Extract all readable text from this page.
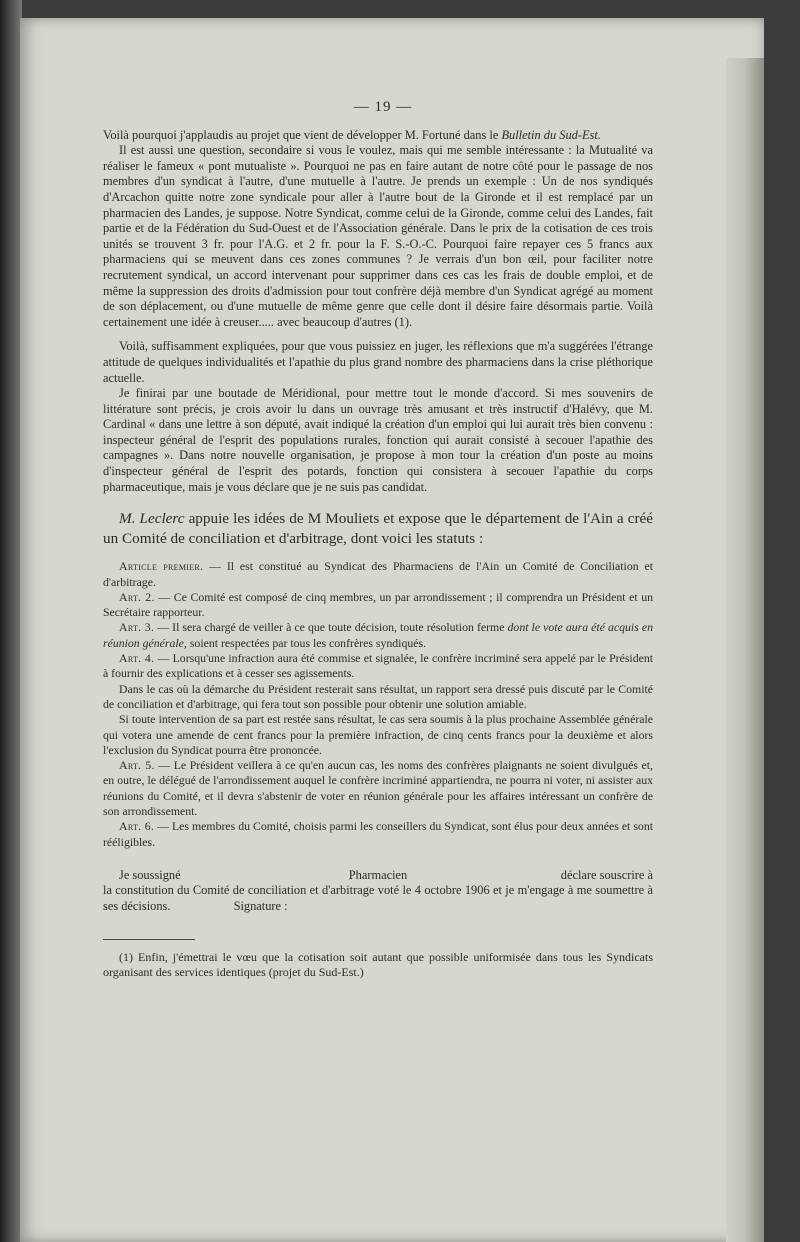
— 19 —

Voilà pourquoi j'applaudis au projet que vient de développer M. Fortuné dans le Bulletin du Sud-Est.

Il est aussi une question, secondaire si vous le voulez, mais qui me semble intéressante : la Mutualité va réaliser le fameux « pont mutualiste ». Pourquoi ne pas en faire autant de notre côté pour le passage de nos membres d'un syndicat à l'autre, d'une mutuelle à l'autre. Je prends un exemple : Un de nos syndiqués d'Arcachon quitte notre zone syndicale pour aller à l'autre bout de la Gironde et il est remplacé par un pharmacien des Landes, je suppose. Notre Syndicat, comme celui de la Gironde, comme celui des Landes, fait partie et de la Fédération du Sud-Ouest et de l'Association générale. Dans le prix de la cotisation de ces trois unités se trouvent 3 fr. pour l'A.G. et 2 fr. pour la F. S.-O.-C. Pourquoi faire repayer ces 5 francs aux pharmaciens qui se meuvent dans ces zones communes ? Je verrais d'un bon œil, pour faciliter notre recrutement syndical, un accord intervenant pour supprimer dans ces cas les frais de double emploi, et de même la suppression des droits d'admission pour tout confrère déjà membre d'un Syndicat agrégé au moment de son déplacement, ou d'une mutuelle de même genre que celle dont il désire faire désormais partie. Voilà certainement une idée à creuser..... avec beaucoup d'autres (1).

Voilà, suffisamment expliquées, pour que vous puissiez en juger, les réflexions que m'a suggérées l'étrange attitude de quelques individualités et l'apathie du plus grand nombre des pharmaciens dans la crise pléthorique actuelle.

Je finirai par une boutade de Méridional, pour mettre tout le monde d'accord. Si mes souvenirs de littérature sont précis, je crois avoir lu dans un ouvrage très amusant et très instructif d'Halévy, que M. Cardinal « dans une lettre à son député, avait indiqué la création d'un emploi qui lui aurait très bien convenu : inspecteur général de l'esprit des populations rurales, fonction qui aurait consisté à secouer l'apathie des campagnes ». Dans notre nouvelle organisation, je propose à mon tour la création d'un poste au moins d'inspecteur général de l'esprit des potards, fonction qui consistera à secouer l'apathie du corps pharmaceutique, mais je vous déclare que je ne suis pas candidat.

M. Leclerc appuie les idées de M Mouliets et expose que le département de l'Ain a créé un Comité de conciliation et d'arbitrage, dont voici les statuts :

Article premier. — Il est constitué au Syndicat des Pharmaciens de l'Ain un Comité de Conciliation et d'arbitrage.

Art. 2. — Ce Comité est composé de cinq membres, un par arrondissement ; il comprendra un Président et un Secrétaire rapporteur.

Art. 3. — Il sera chargé de veiller à ce que toute décision, toute résolution ferme dont le vote aura été acquis en réunion générale, soient respectées par tous les confrères syndiqués.

Art. 4. — Lorsqu'une infraction aura été commise et signalée, le confrère incriminé sera appelé par le Président à fournir des explications et à cesser ses agissements.

Dans le cas où la démarche du Président resterait sans résultat, un rapport sera dressé puis discuté par le Comité de conciliation et d'arbitrage, qui fera tout son possible pour obtenir une solution amiable.

Si toute intervention de sa part est restée sans résultat, le cas sera soumis à la plus prochaine Assemblée générale qui votera une amende de cent francs pour la première infraction, de cinq cents francs pour la deuxième et alors l'exclusion du Syndicat pourra être prononcée.

Art. 5. — Le Président veillera à ce qu'en aucun cas, les noms des confrères plaignants ne soient divulgués et, en outre, le délégué de l'arrondissement auquel le confrère incriminé appartiendra, ne pourra ni voter, ni assister aux réunions du Comité, et il devra s'abstenir de voter en réunion générale pour les affaires intéressant un confrère de son arrondissement.

Art. 6. — Les membres du Comité, choisis parmi les conseillers du Syndicat, sont élus pour deux années et sont rééligibles.

Je soussigné	Pharmacien	déclare souscrire à
la constitution du Comité de conciliation et d'arbitrage voté le 4 octobre 1906 et je m'engage à me soumettre à ses décisions.	Signature :

(1) Enfin, j'émettrai le vœu que la cotisation soit autant que possible uniformisée dans tous les Syndicats organisant des services identiques (projet du Sud-Est.)
